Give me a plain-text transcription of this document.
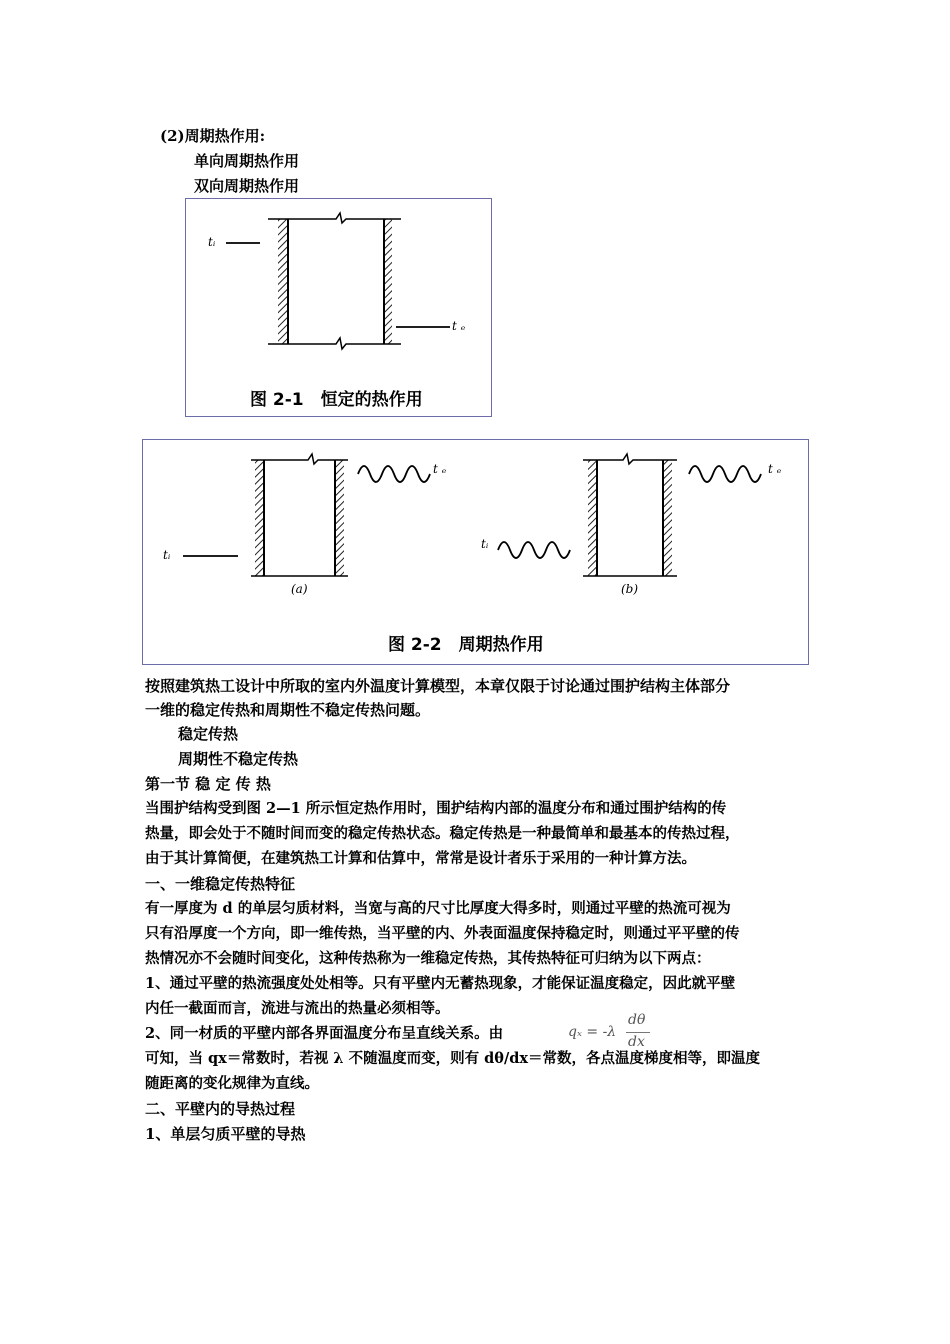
(2)周期热作用:
单向周期热作用
双向周期热作用
tᵢ
t ₑ
图 2-1　恒定的热作用
tᵢ
t ₑ
tᵢ
t ₑ
(a)	(b)
图 2-2　周期热作用
按照建筑热工设计中所取的室内外温度计算模型，本章仅限于讨论通过围护结构主体部分
一维的稳定传热和周期性不稳定传热问题。
稳定传热
周期性不稳定传热
第一节 稳 定 传 热
当围护结构受到图 2—1 所示恒定热作用时，围护结构内部的温度分布和通过围护结构的传
热量，即会处于不随时间而变的稳定传热状态。稳定传热是一种最简单和最基本的传热过程，
由于其计算简便，在建筑热工计算和估算中，常常是设计者乐于采用的一种计算方法。
一、一维稳定传热特征
有一厚度为 d 的单层匀质材料，当宽与高的尺寸比厚度大得多时，则通过平壁的热流可视为
只有沿厚度一个方向，即一维传热，当平壁的内、外表面温度保持稳定时，则通过平平壁的传
热情况亦不会随时间变化，这种传热称为一维稳定传热，其传热特征可归纳为以下两点：
1、通过平壁的热流强度处处相等。只有平壁内无蓄热现象，才能保证温度稳定，因此就平壁
内任一截面而言，流进与流出的热量必须相等。
2、同一材质的平壁内部各界面温度分布呈直线关系。由	qₓ = -λ
dθ
dx
可知，当 qx＝常数时，若视 λ 不随温度而变，则有 dθ/dx＝常数，各点温度梯度相等，即温度
随距离的变化规律为直线。
二、平壁内的导热过程
1、单层匀质平壁的导热
